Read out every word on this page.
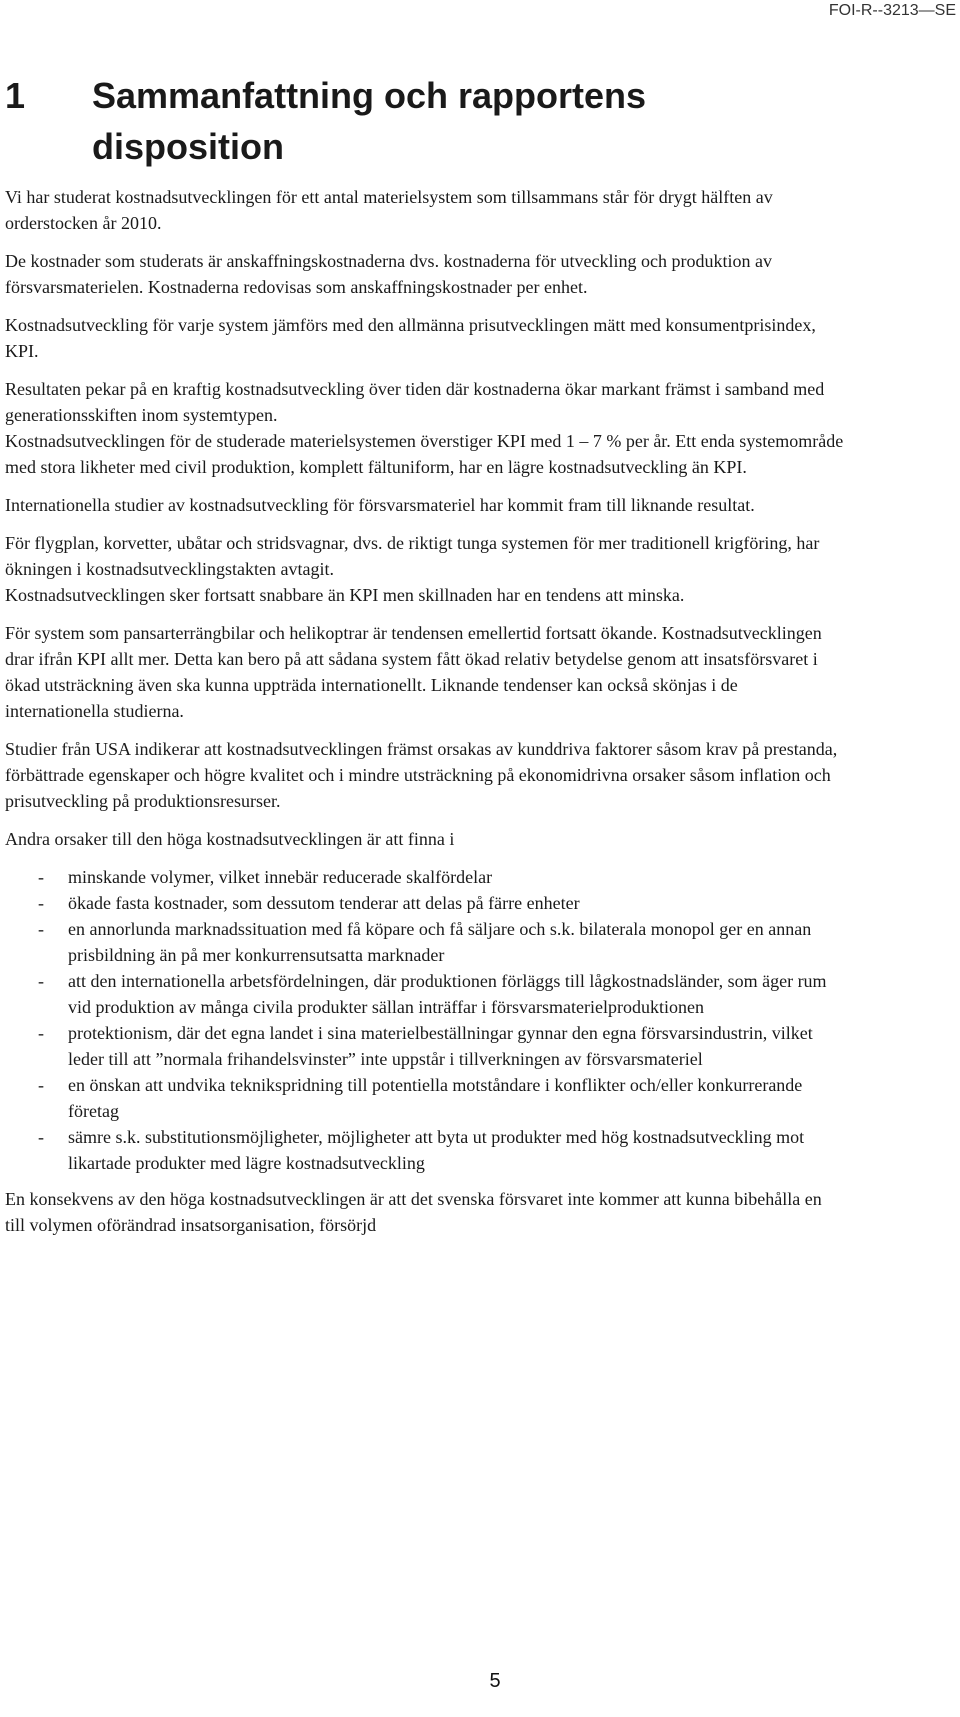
FOI-R--3213—SE
1	Sammanfattning och rapportens disposition

Vi har studerat kostnadsutvecklingen för ett antal materielsystem som tillsammans står för drygt hälften av orderstocken år 2010.

De kostnader som studerats är anskaffningskostnaderna dvs. kostnaderna för utveckling och produktion av försvarsmaterielen. Kostnaderna redovisas som anskaffningskostnader per enhet.

Kostnadsutveckling för varje system jämförs med den allmänna prisutvecklingen mätt med konsumentprisindex, KPI.

Resultaten pekar på en kraftig kostnadsutveckling över tiden där kostnaderna ökar markant främst i samband med generationsskiften inom systemtypen.

Kostnadsutvecklingen för de studerade materielsystemen överstiger KPI med 1 – 7 % per år. Ett enda systemområde med stora likheter med civil produktion, komplett fältuniform, har en lägre kostnadsutveckling än KPI.

Internationella studier av kostnadsutveckling för försvarsmateriel har kommit fram till liknande resultat.

För flygplan, korvetter, ubåtar och stridsvagnar, dvs. de riktigt tunga systemen för mer traditionell krigföring, har ökningen i kostnadsutvecklingstakten avtagit.

Kostnadsutvecklingen sker fortsatt snabbare än KPI men skillnaden har en tendens att minska.

För system som pansarterrängbilar och helikoptrar är tendensen emellertid fortsatt ökande. Kostnadsutvecklingen drar ifrån KPI allt mer. Detta kan bero på att sådana system fått ökad relativ betydelse genom att insatsförsvaret i ökad utsträckning även ska kunna uppträda internationellt. Liknande tendenser kan också skönjas i de internationella studierna.

Studier från USA indikerar att kostnadsutvecklingen främst orsakas av kunddriva faktorer såsom krav på prestanda, förbättrade egenskaper och högre kvalitet och i mindre utsträckning på ekonomidrivna orsaker såsom inflation och prisutveckling på produktionsresurser.

Andra orsaker till den höga kostnadsutvecklingen är att finna i

-	minskande volymer, vilket innebär reducerade skalfördelar
-	ökade fasta kostnader, som dessutom tenderar att delas på färre enheter
-	en annorlunda marknadssituation med få köpare och få säljare och s.k. bilaterala monopol ger en annan prisbildning än på mer konkurrensutsatta marknader
-	att den internationella arbetsfördelningen, där produktionen förläggs till lågkostnadsländer, som äger rum vid produktion av många civila produkter sällan inträffar i försvarsmaterielproduktionen
-	protektionism, där det egna landet i sina materielbeställningar gynnar den egna försvarsindustrin, vilket leder till att ”normala frihandelsvinster” inte uppstår i tillverkningen av försvarsmateriel
-	en önskan att undvika teknikspridning till potentiella motståndare i konflikter och/eller konkurrerande företag
-	sämre s.k. substitutionsmöjligheter, möjligheter att byta ut produkter med hög kostnadsutveckling mot likartade produkter med lägre kostnadsutveckling

En konsekvens av den höga kostnadsutvecklingen är att det svenska försvaret inte kommer att kunna bibehålla en till volymen oförändrad insatsorganisation, försörjd

5
